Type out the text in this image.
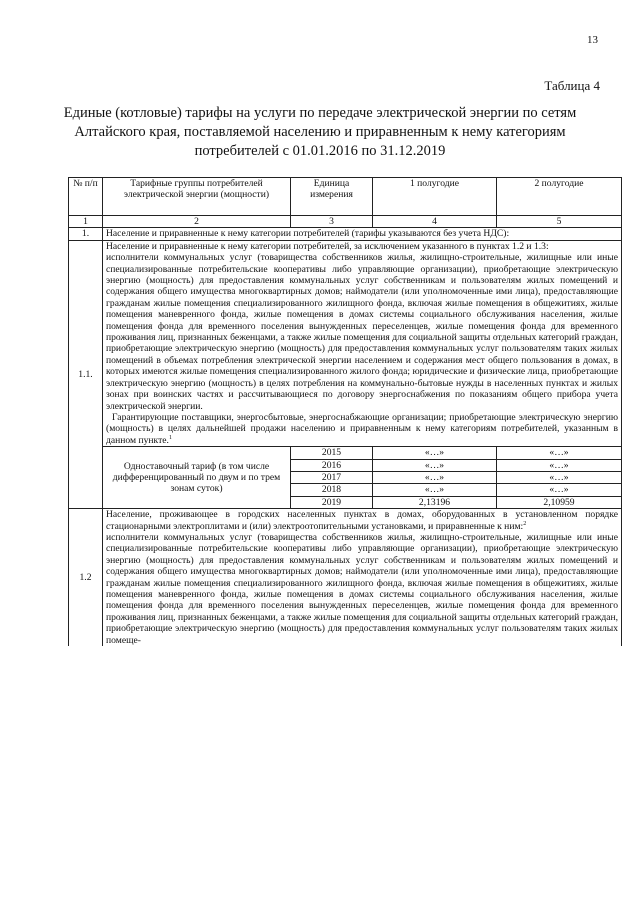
13
Таблица 4
Единые (котловые) тарифы на услуги по передаче электрической энергии по сетям
Алтайского края, поставляемой населению и приравненным к нему категориям
потребителей с 01.01.2016 по 31.12.2019
№ п/п	Тарифные группы потребителей электрической энергии (мощности)	Единица измерения	1 полугодие	2 полугодие
1	2	3	4	5
1.	Население и приравненные к нему категории потребителей (тарифы указываются без учета НДС):			
1.1.	Население и приравненные к нему категории потребителей, за исключением указанного в пунктах 1.2 и 1.3:

исполнители коммунальных услуг (товарищества собственников жилья, жилищно-строительные, жилищные или иные специализированные потребительские кооперативы либо управляющие организации), приобретающие электрическую энергию (мощность) для предоставления коммунальных услуг собственникам и пользователям жилых помещений и содержания общего имущества многоквартирных домов; наймодатели (или уполномоченные ими лица), предоставляющие гражданам жилые помещения специализированного жилищного фонда, включая жилые помещения в общежитиях, жилые помещения маневренного фонда, жилые помещения в домах системы социального обслуживания населения, жилые помещения фонда для временного поселения вынужденных переселенцев, жилые помещения фонда для временного проживания лиц, признанных беженцами, а также жилые помещения для социальной защиты отдельных категорий граждан, приобретающие электрическую энергию (мощность) для предоставления коммунальных услуг пользователям таких жилых помещений в объемах потребления электрической энергии населением и содержания мест общего пользования в домах, в которых имеются жилые помещения специализированного жилого фонда; юридические и физические лица, приобретающие электрическую энергию (мощность) в целях потребления на коммунально-бытовые нужды в населенных пунктах и жилых зонах при воинских частях и рассчитывающиеся по договору энергоснабжения по показаниям общего прибора учета электрической энергии.

Гарантирующие поставщики, энергосбытовые, энергоснабжающие организации; приобретающие электрическую энергию (мощность) в целях дальнейшей продажи населению и приравненным к нему категориям потребителей, указанным в данном пункте.$^1$

	Одноставочный тариф (в том числе дифференцированный по двум и по трем зонам суток)	2015	«…»	«…»

		2016	«…»	«…»
		2017	«…»	«…»
		2018	«…»	«…»
		2019	2,13196	2,10959
1.2	Население, проживающее в городских населенных пунктах в домах, оборудованных в установленном порядке стационарными электроплитами и (или) электроотопительными установками, и приравненные к ним:$^2$

исполнители коммунальных услуг (товарищества собственников жилья, жилищно-строительные, жилищные или иные специализированные потребительские кооперативы либо управляющие организации), приобретающие электрическую энергию (мощность) для предоставления коммунальных услуг собственникам и пользователям жилых помещений и содержания общего имущества многоквартирных домов; наймодатели (или уполномоченные ими лица), предоставляющие гражданам жилые помещения специализированного жилищного фонда, включая жилые помещения в общежитиях, жилые помещения маневренного фонда, жилые помещения в домах системы социального обслуживания населения, жилые помещения фонда для временного поселения вынужденных переселенцев, жилые помещения фонда для временного проживания лиц, признанных беженцами, а также жилые помещения для социальной защиты отдельных категорий граждан, приобретающие электрическую энергию (мощность) для предоставления коммунальных услуг пользователям таких жилых помеще-			
